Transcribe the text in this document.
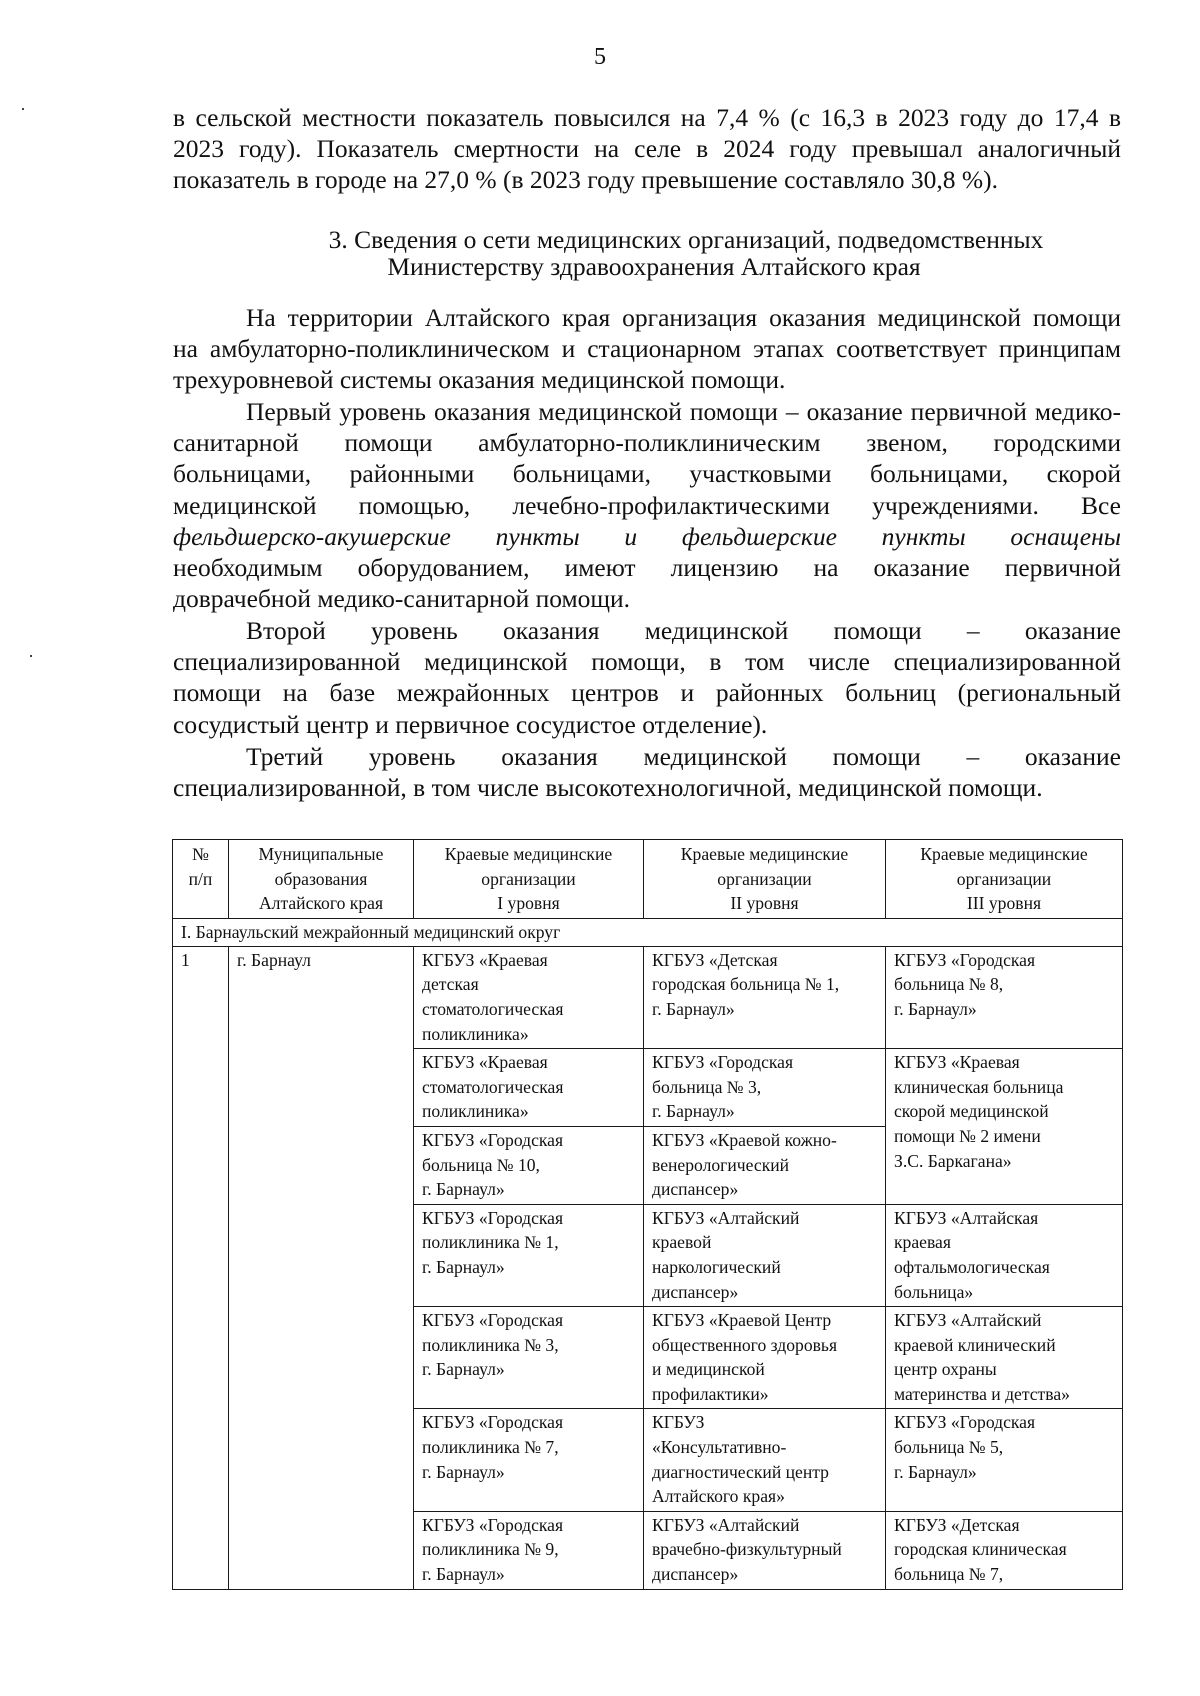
5

в сельской местности показатель повысился на 7,4 % (с 16,3 в 2023 году до 17,4 в

2023 году). Показатель смертности на селе в 2024 году превышал аналогичный

показатель в городе на 27,0 % (в 2023 году превышение составляло 30,8 %).

3. Сведения о сети медицинских организаций, подведомственных
Министерству здравоохранения Алтайского края

На территории Алтайского края организация оказания медицинской помощи

на амбулаторно-поликлиническом и стационарном этапах соответствует принципам

трехуровневой системы оказания медицинской помощи.

Первый уровень оказания медицинской помощи – оказание первичной медико-

санитарной помощи амбулаторно-поликлиническим звеном, городскими

больницами, районными больницами, участковыми больницами, скорой

медицинской помощью, лечебно-профилактическими учреждениями. Все

фельдшерско-акушерские пункты и фельдшерские пункты оснащены

необходимым оборудованием, имеют лицензию на оказание первичной

доврачебной медико-санитарной помощи.

Второй уровень оказания медицинской помощи – оказание

специализированной медицинской помощи, в том числе специализированной

помощи на базе межрайонных центров и районных больниц (региональный

сосудистый центр и первичное сосудистое отделение).

Третий уровень оказания медицинской помощи – оказание

специализированной, в том числе высокотехнологичной, медицинской помощи.

№
п/п	Муниципальные
образования
Алтайского края	Краевые медицинские
организации
I уровня	Краевые медицинские
организации
II уровня	Краевые медицинские
организации
III уровня

I. Барнаульский межрайонный медицинский округ				
1	г. Барнаул	КГБУЗ «Краевая
детская
стоматологическая
поликлиника»	КГБУЗ «Детская
городская больница № 1,
г. Барнаул»	КГБУЗ «Городская
больница № 8,
г. Барнаул»

		КГБУЗ «Краевая
стоматологическая
поликлиника»	КГБУЗ «Городская
больница № 3,
г. Барнаул»	КГБУЗ «Краевая
клиническая больница
скорой медицинской
помощи № 2 имени
З.С. Баркагана»

		КГБУЗ «Городская
больница № 10,
г. Барнаул»	КГБУЗ «Краевой кожно-
венерологический
диспансер»	

		КГБУЗ «Городская
поликлиника № 1,
г. Барнаул»	КГБУЗ «Алтайский
краевой
наркологический
диспансер»	КГБУЗ «Алтайская
краевая
офтальмологическая
больница»

		КГБУЗ «Городская
поликлиника № 3,
г. Барнаул»	КГБУЗ «Краевой Центр
общественного здоровья
и медицинской
профилактики»	КГБУЗ «Алтайский
краевой клинический
центр охраны
материнства и детства»

		КГБУЗ «Городская
поликлиника № 7,
г. Барнаул»	КГБУЗ
«Консультативно-
диагностический центр
Алтайского края»	КГБУЗ «Городская
больница № 5,
г. Барнаул»

		КГБУЗ «Городская
поликлиника № 9,
г. Барнаул»	КГБУЗ «Алтайский
врачебно-физкультурный
диспансер»	КГБУЗ «Детская
городская клиническая
больница № 7,
